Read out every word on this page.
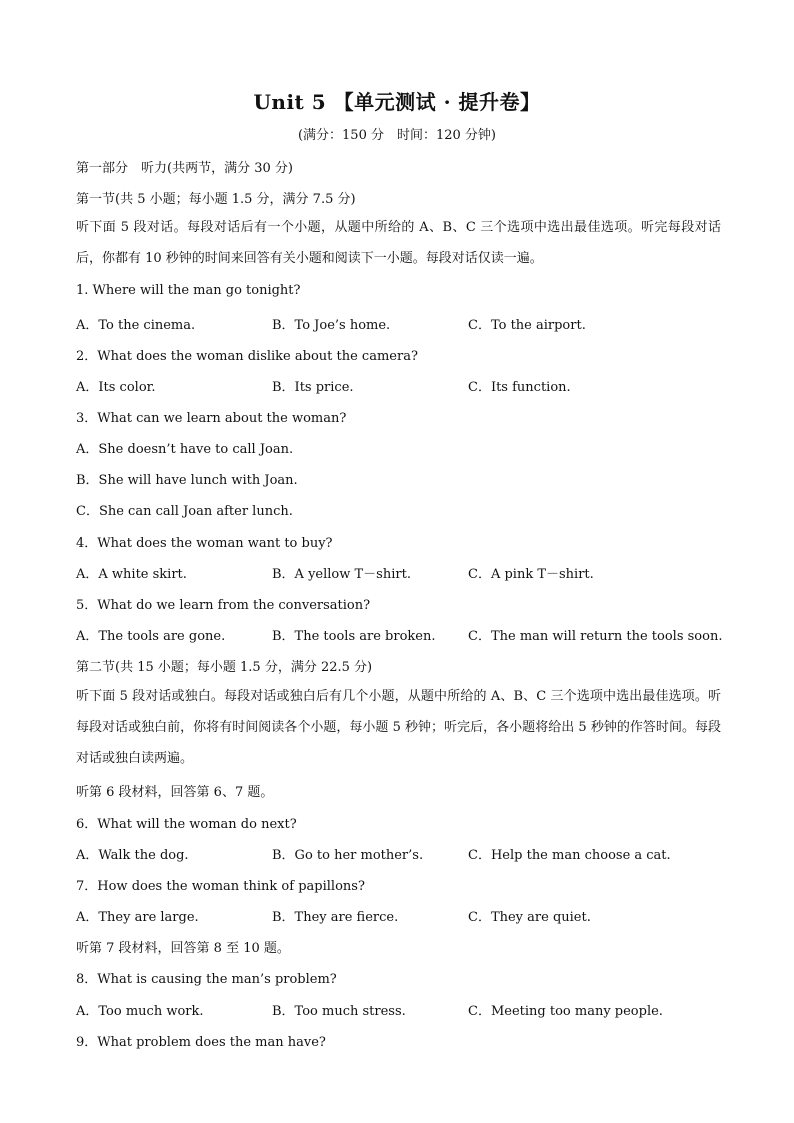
Unit 5 【单元测试 · 提升卷】
(满分：150 分　时间：120 分钟)
第一部分　听力(共两节，满分 30 分)
第一节(共 5 小题；每小题 1.5 分，满分 7.5 分)
听下面 5 段对话。每段对话后有一个小题，从题中所给的 A、B、C 三个选项中选出最佳选项。听完每段对话后，你都有 10 秒钟的时间来回答有关小题和阅读下一小题。每段对话仅读一遍。
1. Where will the man go tonight?
A．To the cinema.	B．To Joe’s home.	C．To the airport.
2．What does the woman dislike about the camera?
A．Its color.	B．Its price.	C．Its function.
3．What can we learn about the woman?
A．She doesn’t have to call Joan.
B．She will have lunch with Joan.
C．She can call Joan after lunch.
4．What does the woman want to buy?
A．A white skirt.	B．A yellow T－shirt.	C．A pink T－shirt.
5．What do we learn from the conversation?
A．The tools are gone.	B．The tools are broken.	C．The man will return the tools soon.
第二节(共 15 小题；每小题 1.5 分，满分 22.5 分)
听下面 5 段对话或独白。每段对话或独白后有几个小题，从题中所给的 A、B、C 三个选项中选出最佳选项。听每段对话或独白前，你将有时间阅读各个小题，每小题 5 秒钟；听完后，各小题将给出 5 秒钟的作答时间。每段对话或独白读两遍。
听第 6 段材料，回答第 6、7 题。
6．What will the woman do next?
A．Walk the dog.	B．Go to her mother’s.	C．Help the man choose a cat.
7．How does the woman think of papillons?
A．They are large.	B．They are fierce.	C．They are quiet.
听第 7 段材料，回答第 8 至 10 题。
8．What is causing the man’s problem?
A．Too much work.	B．Too much stress.	C．Meeting too many people.
9．What problem does the man have?
